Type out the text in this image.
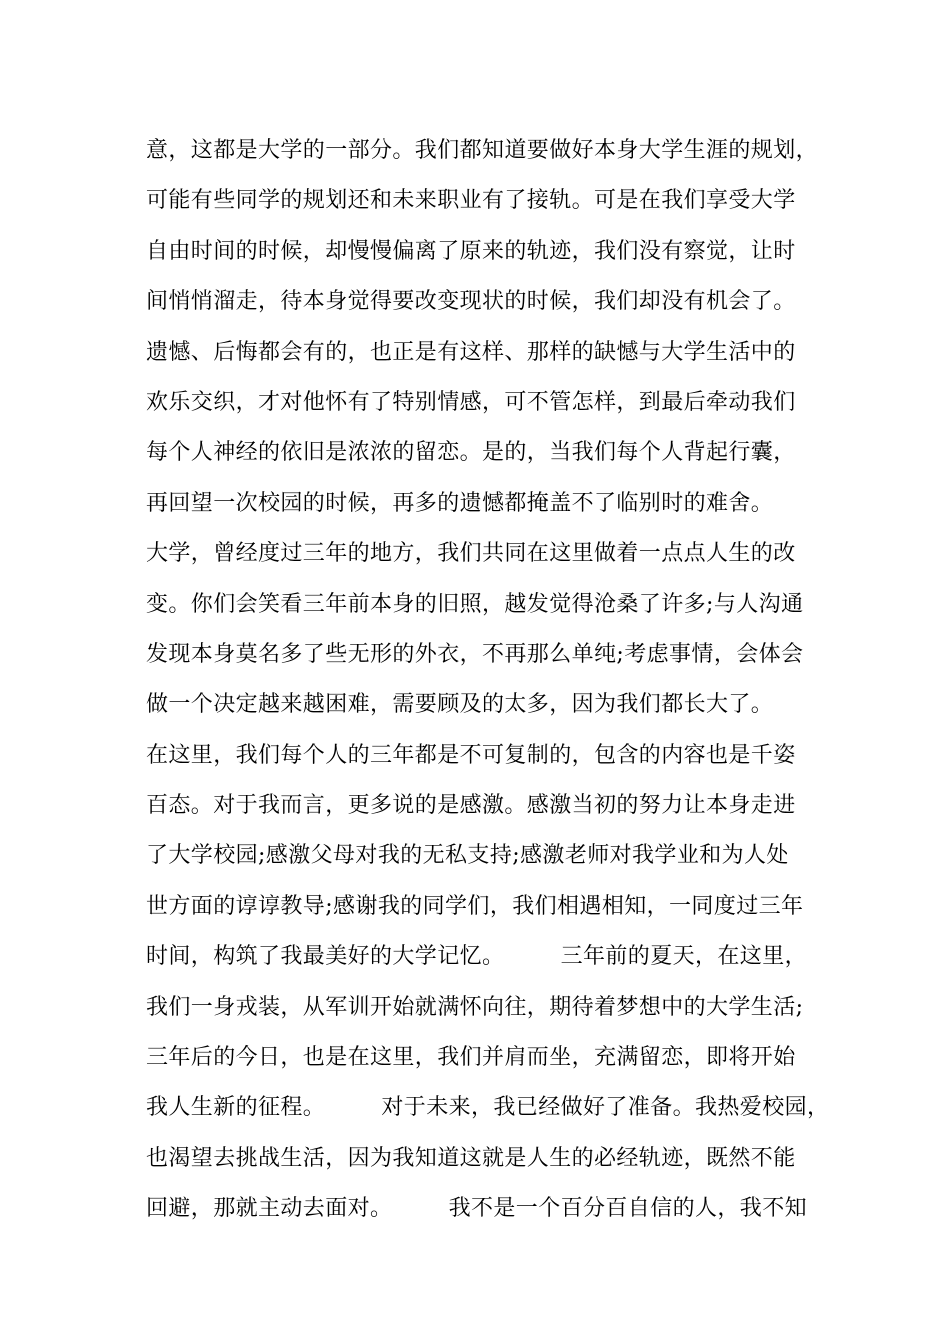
意，这都是大学的一部分。我们都知道要做好本身大学生涯的规划，
可能有些同学的规划还和未来职业有了接轨。可是在我们享受大学
自由时间的时候，却慢慢偏离了原来的轨迹，我们没有察觉，让时
间悄悄溜走，待本身觉得要改变现状的时候，我们却没有机会了。
遗憾、后悔都会有的，也正是有这样、那样的缺憾与大学生活中的
欢乐交织，才对他怀有了特别情感，可不管怎样，到最后牵动我们
每个人神经的依旧是浓浓的留恋。是的，当我们每个人背起行囊，
再回望一次校园的时候，再多的遗憾都掩盖不了临别时的难舍。
大学，曾经度过三年的地方，我们共同在这里做着一点点人生的改
变。你们会笑看三年前本身的旧照，越发觉得沧桑了许多;与人沟通
发现本身莫名多了些无形的外衣，不再那么单纯;考虑事情，会体会
做一个决定越来越困难，需要顾及的太多，因为我们都长大了。
在这里，我们每个人的三年都是不可复制的，包含的内容也是千姿
百态。对于我而言，更多说的是感激。感激当初的努力让本身走进
了大学校园;感激父母对我的无私支持;感激老师对我学业和为人处
世方面的谆谆教导;感谢我的同学们，我们相遇相知，一同度过三年
时间，构筑了我最美好的大学记忆。　　　三年前的夏天，在这里，
我们一身戎装，从军训开始就满怀向往，期待着梦想中的大学生活;
三年后的今日，也是在这里，我们并肩而坐，充满留恋，即将开始
我人生新的征程。　　　对于未来，我已经做好了准备。我热爱校园，
也渴望去挑战生活，因为我知道这就是人生的必经轨迹，既然不能
回避，那就主动去面对。　　　我不是一个百分百自信的人，我不知
